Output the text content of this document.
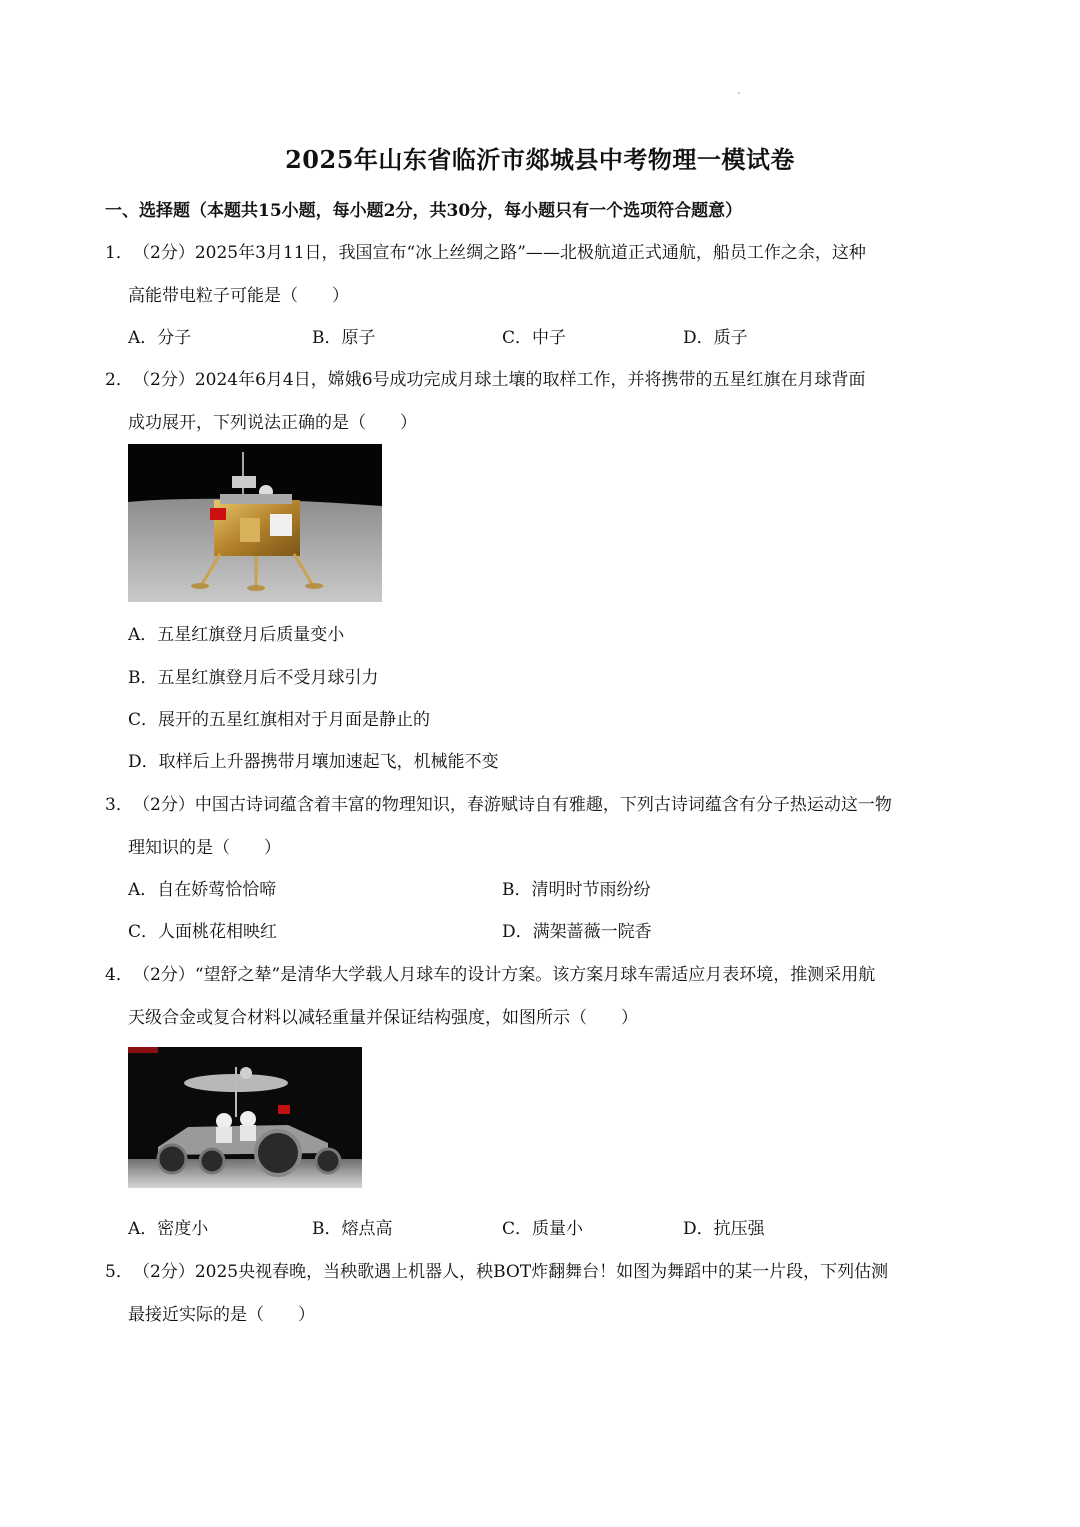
2025年山东省临沂市郯城县中考物理一模试卷
一、选择题（本题共15小题，每小题2分，共30分，每小题只有一个选项符合题意）
1． （2分）2025年3月11日，我国宣布“冰上丝绸之路”——北极航道正式通航，船员工作之余，这种
高能带电粒子可能是（　　）
A．分子	B．原子	C．中子	D．质子
2． （2分）2024年6月4日，嫦娥6号成功完成月球土壤的取样工作，并将携带的五星红旗在月球背面
成功展开，下列说法正确的是（　　）
A．五星红旗登月后质量变小
B．五星红旗登月后不受月球引力
C．展开的五星红旗相对于月面是静止的
D．取样后上升器携带月壤加速起飞，机械能不变
3． （2分）中国古诗词蕴含着丰富的物理知识，春游赋诗自有雅趣，下列古诗词蕴含有分子热运动这一物
理知识的是（　　）
A．自在娇莺恰恰啼	B．清明时节雨纷纷
C．人面桃花相映红	D．满架蔷薇一院香
4． （2分）“望舒之辇”是清华大学载人月球车的设计方案。该方案月球车需适应月表环境，推测采用航
天级合金或复合材料以减轻重量并保证结构强度，如图所示（　　）
A．密度小	B．熔点高	C．质量小	D．抗压强
5． （2分）2025央视春晚，当秧歌遇上机器人，秧BOT炸翻舞台！如图为舞蹈中的某一片段，下列估测
最接近实际的是（　　）
